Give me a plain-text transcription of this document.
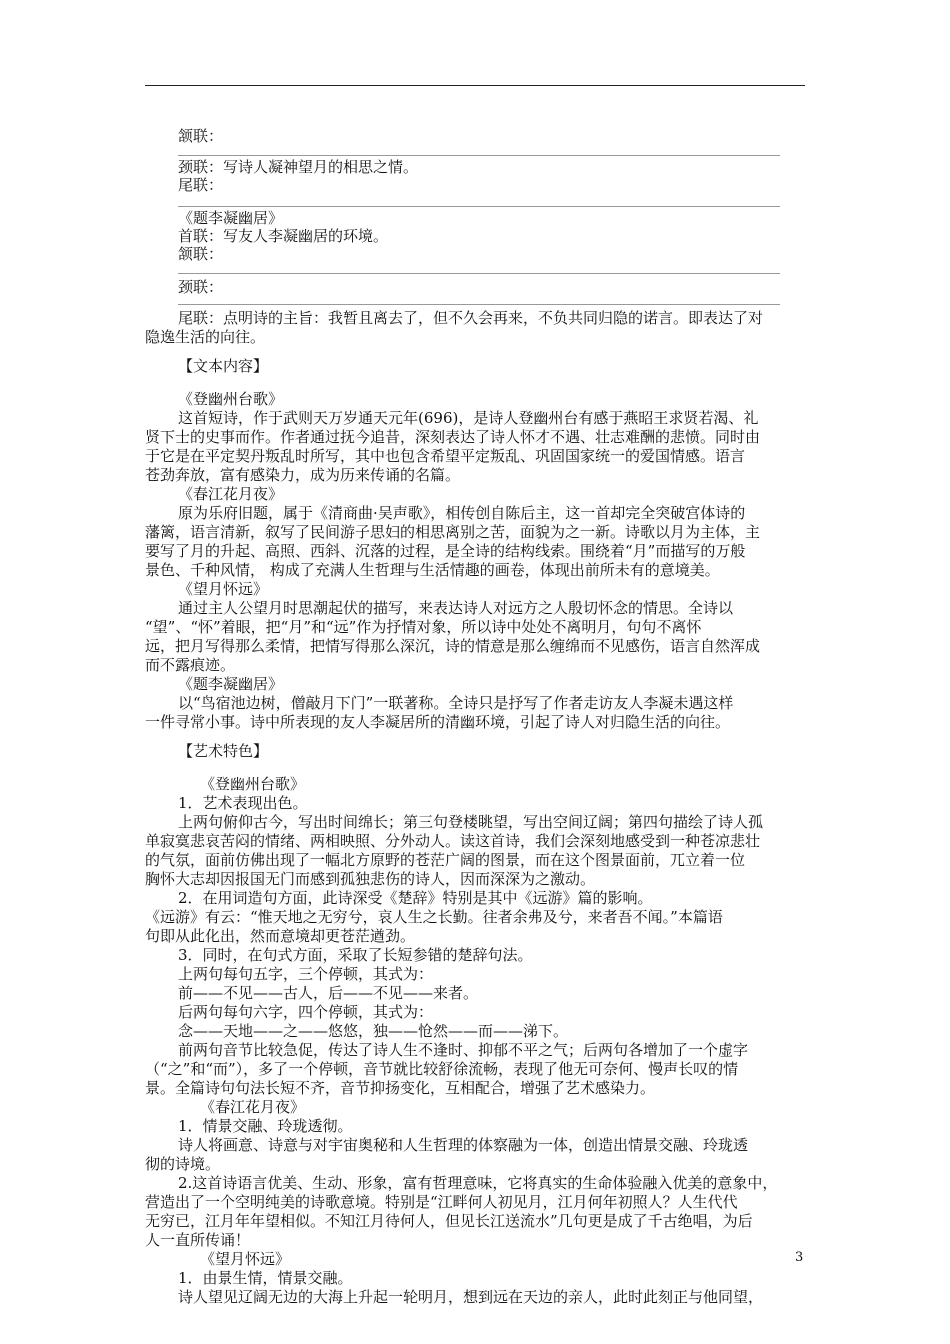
颔联：
颈联：写诗人凝神望月的相思之情。
尾联：
《题李凝幽居》
首联：写友人李凝幽居的环境。
颔联：
颈联：
尾联：点明诗的主旨：我暂且离去了，但不久会再来，不负共同归隐的诺言。即表达了对
隐逸生活的向往。
【文本内容】
《登幽州台歌》
这首短诗，作于武则天万岁通天元年(696)，是诗人登幽州台有感于燕昭王求贤若渴、礼
贤下士的史事而作。作者通过抚今追昔，深刻表达了诗人怀才不遇、壮志难酬的悲愤。同时由
于它是在平定契丹叛乱时所写，其中也包含希望平定叛乱、巩固国家统一的爱国情感。语言
苍劲奔放，富有感染力，成为历来传诵的名篇。
《春江花月夜》
原为乐府旧题，属于《清商曲·吴声歌》，相传创自陈后主，这一首却完全突破宫体诗的
藩篱，语言清新，叙写了民间游子思妇的相思离别之苦，面貌为之一新。诗歌以月为主体，主
要写了月的升起、高照、西斜、沉落的过程，是全诗的结构线索。围绕着“月”而描写的万般
景色、千种风情， 构成了充满人生哲理与生活情趣的画卷，体现出前所未有的意境美。
《望月怀远》
通过主人公望月时思潮起伏的描写，来表达诗人对远方之人殷切怀念的情思。全诗以
“望”、“怀”着眼，把“月”和“远”作为抒情对象，所以诗中处处不离明月，句句不离怀
远，把月写得那么柔情，把情写得那么深沉，诗的情意是那么缠绵而不见感伤，语言自然浑成
而不露痕迹。
《题李凝幽居》
以“鸟宿池边树，僧敲月下门”一联著称。全诗只是抒写了作者走访友人李凝未遇这样
一件寻常小事。诗中所表现的友人李凝居所的清幽环境，引起了诗人对归隐生活的向往。
【艺术特色】
《登幽州台歌》
1．艺术表现出色。
上两句俯仰古今，写出时间绵长；第三句登楼眺望，写出空间辽阔；第四句描绘了诗人孤
单寂寞悲哀苦闷的情绪、两相映照、分外动人。读这首诗，我们会深刻地感受到一种苍凉悲壮
的气氛，面前仿佛出现了一幅北方原野的苍茫广阔的图景，而在这个图景面前，兀立着一位
胸怀大志却因报国无门而感到孤独悲伤的诗人，因而深深为之激动。
2．在用词造句方面，此诗深受《楚辞》特别是其中《远游》篇的影响。
《远游》有云：“惟天地之无穷兮，哀人生之长勤。往者余弗及兮，来者吾不闻。”本篇语
句即从此化出，然而意境却更苍茫遒劲。
3．同时，在句式方面，采取了长短参错的楚辞句法。
上两句每句五字，三个停顿，其式为：
前——不见——古人，后——不见——来者。
后两句每句六字，四个停顿，其式为：
念——天地——之——悠悠，独——怆然——而——涕下。
前两句音节比较急促，传达了诗人生不逢时、抑郁不平之气；后两句各增加了一个虚字
（“之”和“而”），多了一个停顿，音节就比较舒徐流畅，表现了他无可奈何、慢声长叹的情
景。全篇诗句句法长短不齐，音节抑扬变化，互相配合，增强了艺术感染力。
《春江花月夜》
1．情景交融、玲珑透彻。
诗人将画意、诗意与对宇宙奥秘和人生哲理的体察融为一体，创造出情景交融、玲珑透
彻的诗境。
2.这首诗语言优美、生动、形象，富有哲理意味，它将真实的生命体验融入优美的意象中，
营造出了一个空明纯美的诗歌意境。特别是“江畔何人初见月，江月何年初照人？人生代代
无穷已，江月年年望相似。不知江月待何人，但见长江送流水”几句更是成了千古绝唱，为后
人一直所传诵！
《望月怀远》
1．由景生情，情景交融。
诗人望见辽阔无边的大海上升起一轮明月，想到远在天边的亲人，此时此刻正与他同望，
3
